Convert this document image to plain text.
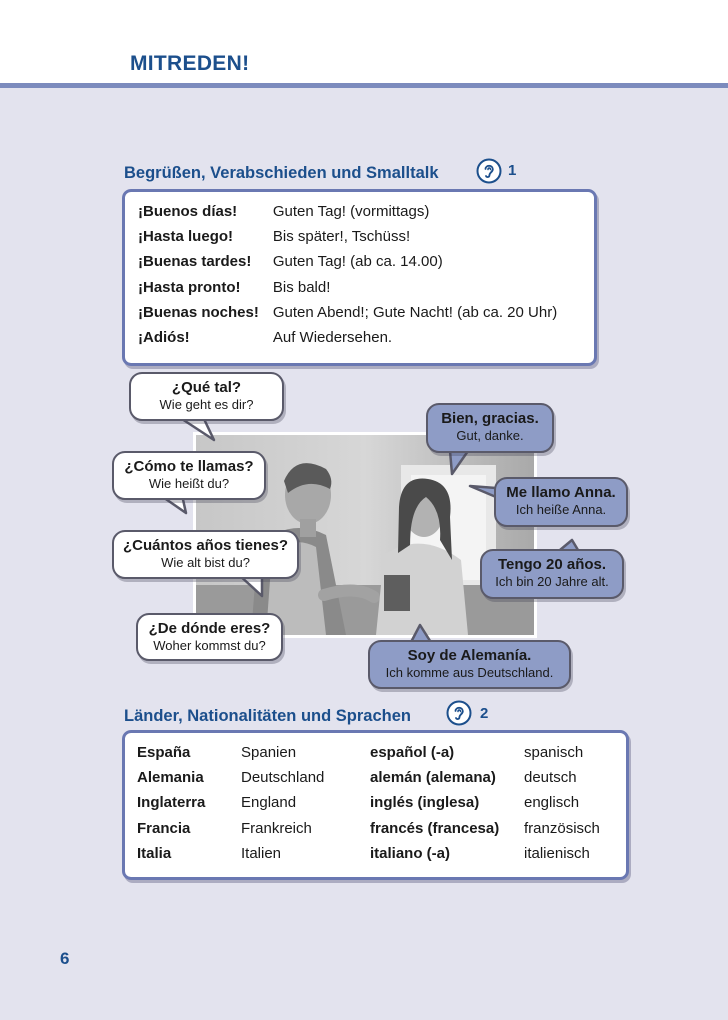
MITREDEN!
Begrüßen, Verabschieden und Smalltalk	1
¡Buenos días!	Guten Tag! (vormittags)
¡Hasta luego!	Bis später!, Tschüss!
¡Buenas tardes!	Guten Tag! (ab ca. 14.00)
¡Hasta pronto!	Bis bald!
¡Buenas noches!	Guten Abend!; Gute Nacht! (ab ca. 20 Uhr)
¡Adiós!	Auf Wiedersehen.
¿Qué tal?
Wie geht es dir?
¿Cómo te llamas?
Wie heißt du?
¿Cuántos años tienes?
Wie alt bist du?
¿De dónde eres?
Woher kommst du?
Bien, gracias.
Gut, danke.
Me llamo Anna.
Ich heiße Anna.
Tengo 20 años.
Ich bin 20 Jahre alt.
Soy de Alemanía.
Ich komme aus Deutschland.
Länder, Nationalitäten und Sprachen	2
España	Spanien	español (-a)	spanisch
Alemania	Deutschland	alemán (alemana)	deutsch
Inglaterra	England	inglés (inglesa)	englisch
Francia	Frankreich	francés (francesa)	französisch
Italia	Italien	italiano (-a)	italienisch
6
